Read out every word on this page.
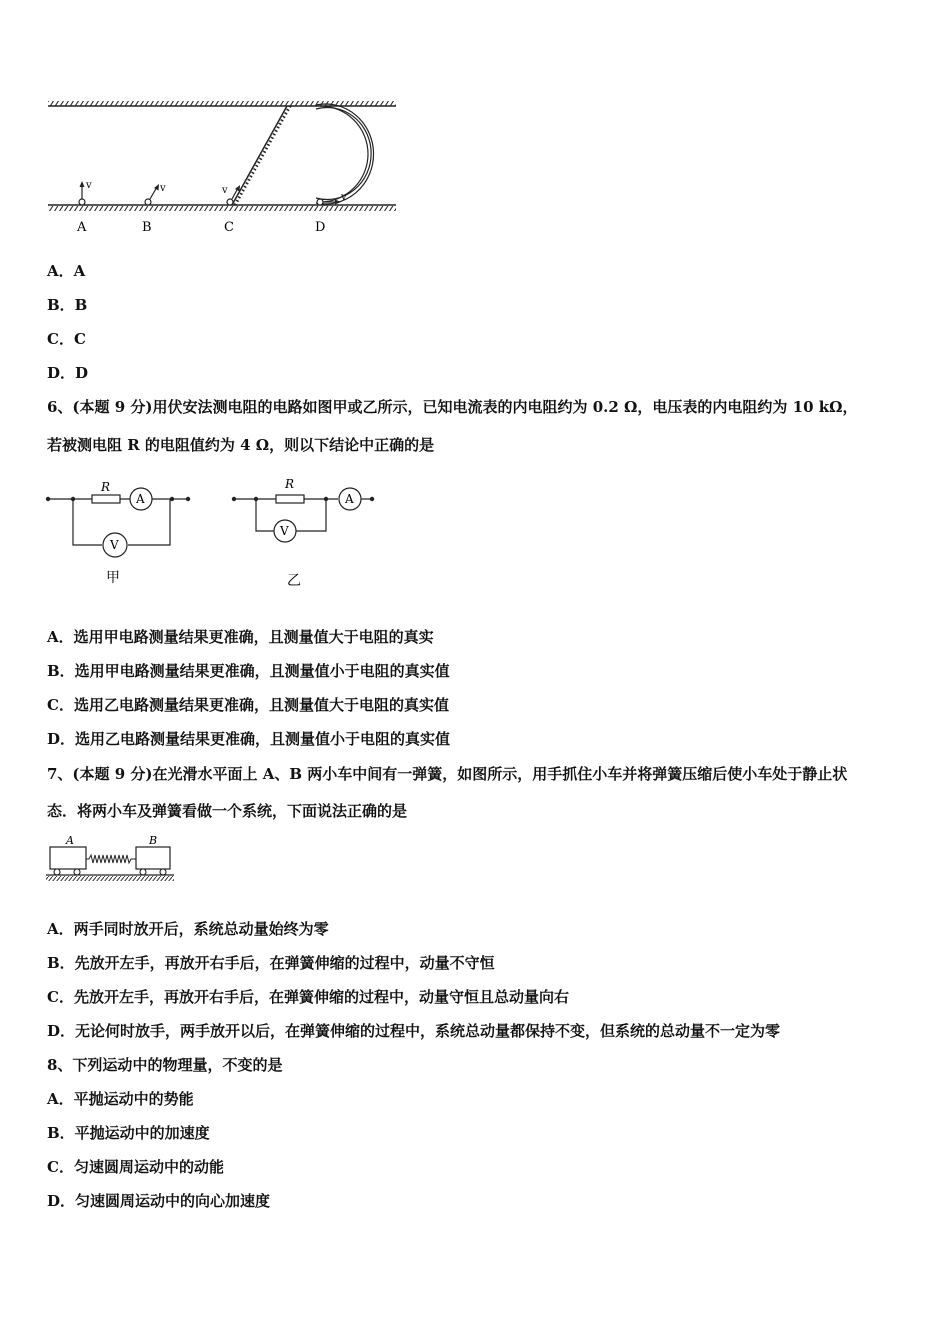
v	v	v
v
A	B	C	D
A．A
B．B
C．C
D．D
6、(本题 9 分)用伏安法测电阻的电路如图甲或乙所示，已知电流表的内电阻约为 0.2 Ω，电压表的内电阻约为 10 kΩ，
若被测电阻 R 的电阻值约为 4 Ω，则以下结论中正确的是
A
R
V
甲
R
A
V
乙
A．选用甲电路测量结果更准确，且测量值大于电阻的真实
B．选用甲电路测量结果更准确，且测量值小于电阻的真实值
C．选用乙电路测量结果更准确，且测量值大于电阻的真实值
D．选用乙电路测量结果更准确，且测量值小于电阻的真实值
7、(本题 9 分)在光滑水平面上 A、B 两小车中间有一弹簧，如图所示，用手抓住小车并将弹簧压缩后使小车处于静止状
态．将两小车及弹簧看做一个系统，下面说法正确的是
A	B
A．两手同时放开后，系统总动量始终为零
B．先放开左手，再放开右手后，在弹簧伸缩的过程中，动量不守恒
C．先放开左手，再放开右手后，在弹簧伸缩的过程中，动量守恒且总动量向右
D．无论何时放手，两手放开以后，在弹簧伸缩的过程中，系统总动量都保持不变，但系统的总动量不一定为零
8、下列运动中的物理量，不变的是
A．平抛运动中的势能
B．平抛运动中的加速度
C．匀速圆周运动中的动能
D．匀速圆周运动中的向心加速度
